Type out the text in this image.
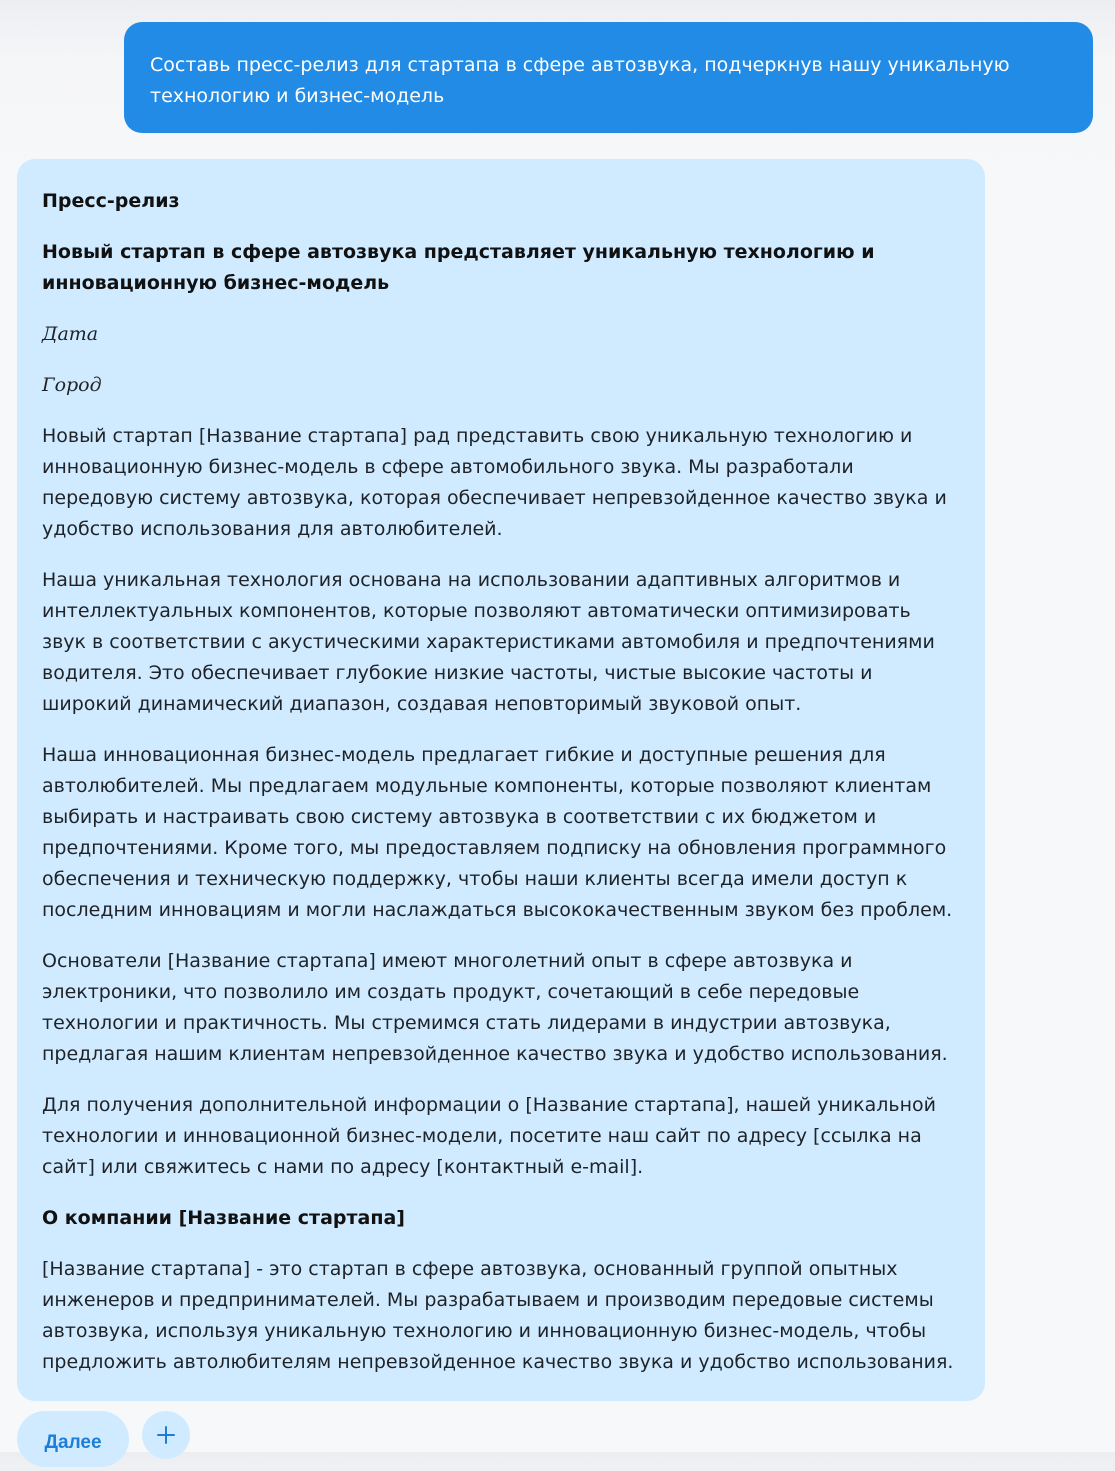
Составь пресс-релиз для стартапа в сфере автозвука, подчеркнув нашу уникальную технологию и бизнес-модель

Пресс-релиз

Новый стартап в сфере автозвука представляет уникальную технологию и инновационную бизнес-модель

Дата

Город

Новый стартап [Название стартапа] рад представить свою уникальную технологию и инновационную бизнес-модель в сфере автомобильного звука. Мы разработали передовую систему автозвука, которая обеспечивает непревзойденное качество звука и удобство использования для автолюбителей.

Наша уникальная технология основана на использовании адаптивных алгоритмов и интеллектуальных компонентов, которые позволяют автоматически оптимизировать звук в соответствии с акустическими характеристиками автомобиля и предпочтениями водителя. Это обеспечивает глубокие низкие частоты, чистые высокие частоты и широкий динамический диапазон, создавая неповторимый звуковой опыт.

Наша инновационная бизнес-модель предлагает гибкие и доступные решения для автолюбителей. Мы предлагаем модульные компоненты, которые позволяют клиентам выбирать и настраивать свою систему автозвука в соответствии с их бюджетом и предпочтениями. Кроме того, мы предоставляем подписку на обновления программного обеспечения и техническую поддержку, чтобы наши клиенты всегда имели доступ к последним инновациям и могли наслаждаться высококачественным звуком без проблем.

Основатели [Название стартапа] имеют многолетний опыт в сфере автозвука и электроники, что позволило им создать продукт, сочетающий в себе передовые технологии и практичность. Мы стремимся стать лидерами в индустрии автозвука, предлагая нашим клиентам непревзойденное качество звука и удобство использования.

Для получения дополнительной информации о [Название стартапа], нашей уникальной технологии и инновационной бизнес-модели, посетите наш сайт по адресу [ссылка на сайт] или свяжитесь с нами по адресу [контактный e-mail].

О компании [Название стартапа]

[Название стартапа] - это стартап в сфере автозвука, основанный группой опытных инженеров и предпринимателей. Мы разрабатываем и производим передовые системы автозвука, используя уникальную технологию и инновационную бизнес-модель, чтобы предложить автолюбителям непревзойденное качество звука и удобство использования.

Далее
